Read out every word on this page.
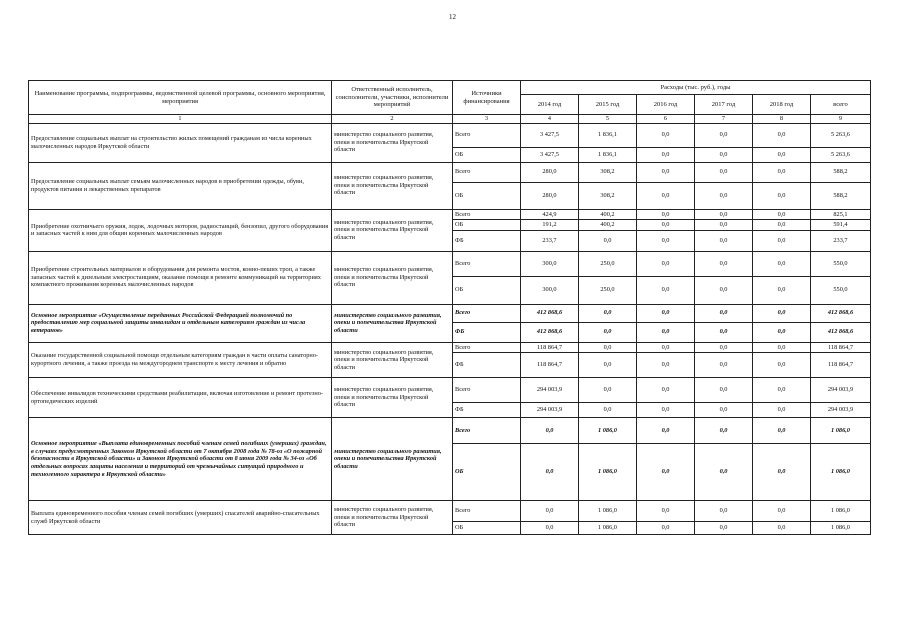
12
Наименование программы, подпрограммы, ведомственной целевой программы, основного мероприятия, мероприятия	Ответственный исполнитель, соисполнители, участники, исполнители мероприятий	Источники финансирования	Расходы (тыс. руб.), годы					
			2014 год	2015 год	2016 год	2017 год	2018 год	всего
1	2	3	4	5	6	7	8	9
Предоставление социальных выплат на строительство жилых помещений гражданам из числа коренных малочисленных народов Иркутской области	министерство социального развития, опеки и попечительства Иркутской области	Всего	3 427,5	1 836,1	0,0	0,0	0,0	5 263,6
		ОБ	3 427,5	1 836,1	0,0	0,0	0,0	5 263,6
Предоставление социальных выплат семьям малочисленных народов в приобретении одежды, обуви, продуктов питания и лекарственных препаратов	министерство социального развития, опеки и попечительства Иркутской области	Всего	280,0	308,2	0,0	0,0	0,0	588,2
		ОБ	280,0	308,2	0,0	0,0	0,0	588,2
Приобретение охотничьего оружия, лодок, лодочных моторов, радиостанций, бензопил, другого оборудования и запасных частей к ним для общин коренных малочисленных народов	министерство социального развития, опеки и попечительства Иркутской области	Всего	424,9	400,2	0,0	0,0	0,0	825,1
		ОБ	191,2	400,2	0,0	0,0	0,0	591,4
		ФБ	233,7	0,0	0,0	0,0	0,0	233,7
Приобретение строительных материалов и оборудования для ремонта мостов, конно-пеших троп, а также запасных частей к дизельным электростанциям, оказание помощи в ремонте коммуникаций на территориях компактного проживания коренных малочисленных народов	министерство социального развития, опеки и попечительства Иркутской области	Всего	300,0	250,0	0,0	0,0	0,0	550,0
		ОБ	300,0	250,0	0,0	0,0	0,0	550,0
Основное мероприятие «Осуществление переданных Российской Федерацией полномочий по предоставлению мер социальной защиты инвалидам и отдельным категориям граждан из числа ветеранов»	министерство социального развития, опеки и попечительства Иркутской области	Всего	412 868,6	0,0	0,0	0,0	0,0	412 868,6
		ФБ	412 868,6	0,0	0,0	0,0	0,0	412 868,6
Оказание государственной социальной помощи отдельным категориям граждан в части оплаты санаторно-курортного лечения, а также проезда на междугороднем транспорте к месту лечения и обратно	министерство социального развития, опеки и попечительства Иркутской области	Всего	118 864,7	0,0	0,0	0,0	0,0	118 864,7
		ФБ	118 864,7	0,0	0,0	0,0	0,0	118 864,7
Обеспечение инвалидов техническими средствами реабилитации, включая изготовление и ремонт протезно-ортопедических изделий	министерство социального развития, опеки и попечительства Иркутской области	Всего	294 003,9	0,0	0,0	0,0	0,0	294 003,9
		ФБ	294 003,9	0,0	0,0	0,0	0,0	294 003,9
Основное мероприятие «Выплата единовременных пособий членам семей погибших (умерших) граждан, в случаях предусмотренных Законом Иркутской области от 7 октября 2008 года № 78-оз «О пожарной безопасности в Иркутской области» и Законом Иркутской области от 8 июня 2009 года № 34-оз «Об отдельных вопросах защиты населения и территорий от чрезвычайных ситуаций природного и техногенного характера в Иркутской области»	министерство социального развития, опеки и попечительства Иркутской области	Всего	0,0	1 086,0	0,0	0,0	0,0	1 086,0
		ОБ	0,0	1 086,0	0,0	0,0	0,0	1 086,0
Выплата единовременного пособия членам семей погибших (умерших) спасателей аварийно-спасательных служб Иркутской области	министерство социального развития, опеки и попечительства Иркутской области	Всего	0,0	1 086,0	0,0	0,0	0,0	1 086,0
		ОБ	0,0	1 086,0	0,0	0,0	0,0	1 086,0
